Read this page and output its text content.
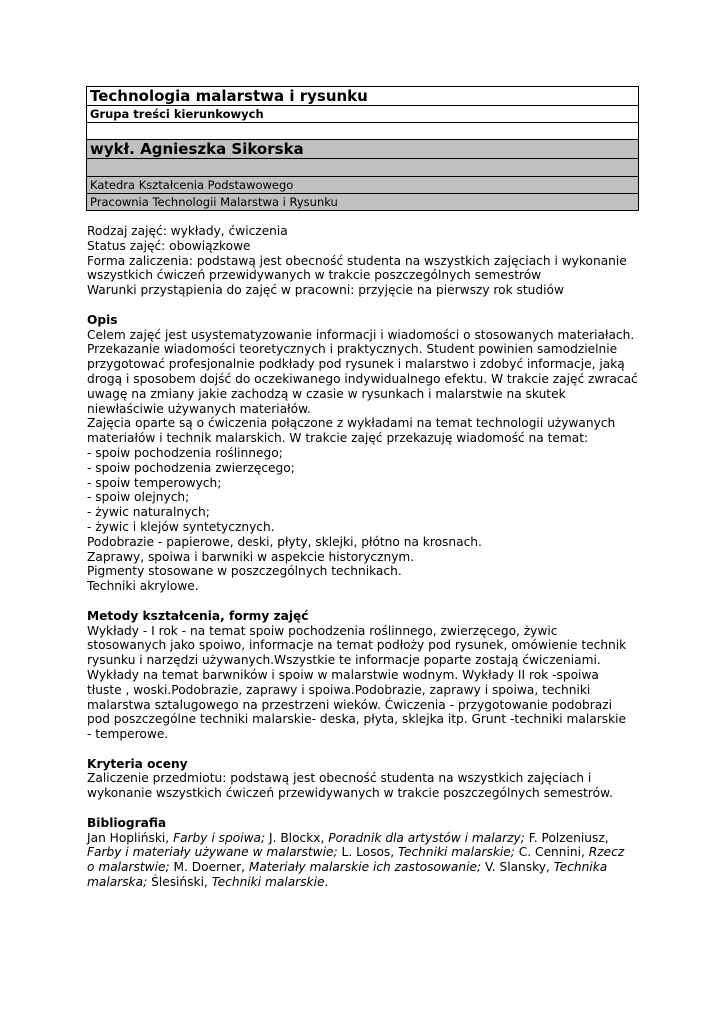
Technologia malarstwa i rysunku
Grupa treści kierunkowych
wykł. Agnieszka Sikorska
Katedra Kształcenia Podstawowego
Pracownia Technologii Malarstwa i Rysunku

Rodzaj zajęć: wykłady, ćwiczenia

Status zajęć: obowiązkowe

Forma zaliczenia: podstawą jest obecność studenta na wszystkich zajęciach i wykonanie

wszystkich ćwiczeń przewidywanych w trakcie poszczególnych semestrów

Warunki przystąpienia do zajęć w pracowni: przyjęcie na pierwszy rok studiów

Opis

Celem zajęć jest usystematyzowanie informacji i wiadomości o stosowanych materiałach.

Przekazanie wiadomości teoretycznych i praktycznych. Student powinien samodzielnie

przygotować profesjonalnie podkłady pod rysunek i malarstwo i zdobyć informacje, jaką

drogą i sposobem dojść do oczekiwanego indywidualnego efektu. W trakcie zajęć zwracać

uwagę na zmiany jakie zachodzą w czasie w rysunkach i malarstwie na skutek

niewłaściwie używanych materiałów.

Zajęcia oparte są o ćwiczenia połączone z wykładami na temat technologii używanych

materiałów i technik malarskich. W trakcie zajęć przekazuję wiadomość na temat:

- spoiw pochodzenia roślinnego;

- spoiw pochodzenia zwierzęcego;

- spoiw temperowych;

- spoiw olejnych;

- żywic naturalnych;

- żywic i klejów syntetycznych.

Podobrazie - papierowe, deski, płyty, sklejki, płótno na krosnach.

Zaprawy, spoiwa i barwniki w aspekcie historycznym.

Pigmenty stosowane w poszczególnych technikach.

Techniki akrylowe.

Metody kształcenia, formy zajęć

Wykłady - I rok - na temat spoiw pochodzenia roślinnego, zwierzęcego, żywic

stosowanych jako spoiwo, informacje na temat podłoży pod rysunek, omówienie technik

rysunku i narzędzi używanych.Wszystkie te informacje poparte zostają ćwiczeniami.

Wykłady na temat barwników i spoiw w malarstwie wodnym. Wykłady II rok -spoiwa

tłuste , woski.Podobrazie, zaprawy i spoiwa.Podobrazie, zaprawy i spoiwa, techniki

malarstwa sztalugowego na przestrzeni wieków. Ćwiczenia - przygotowanie podobrazi

pod poszczególne techniki malarskie- deska, płyta, sklejka itp. Grunt -techniki malarskie

- temperowe.

Kryteria oceny

Zaliczenie przedmiotu: podstawą jest obecność studenta na wszystkich zajęciach i

wykonanie wszystkich ćwiczeń przewidywanych w trakcie poszczególnych semestrów.

Bibliografia

Jan Hopliński, Farby i spoiwa; J. Blockx, Poradnik dla artystów i malarzy; F. Polzeniusz,

Farby i materiały używane w malarstwie; L. Losos, Techniki malarskie; C. Cennini, Rzecz

o malarstwie; M. Doerner, Materiały malarskie ich zastosowanie; V. Slansky, Technika

malarska; Ślesiński, Techniki malarskie.
